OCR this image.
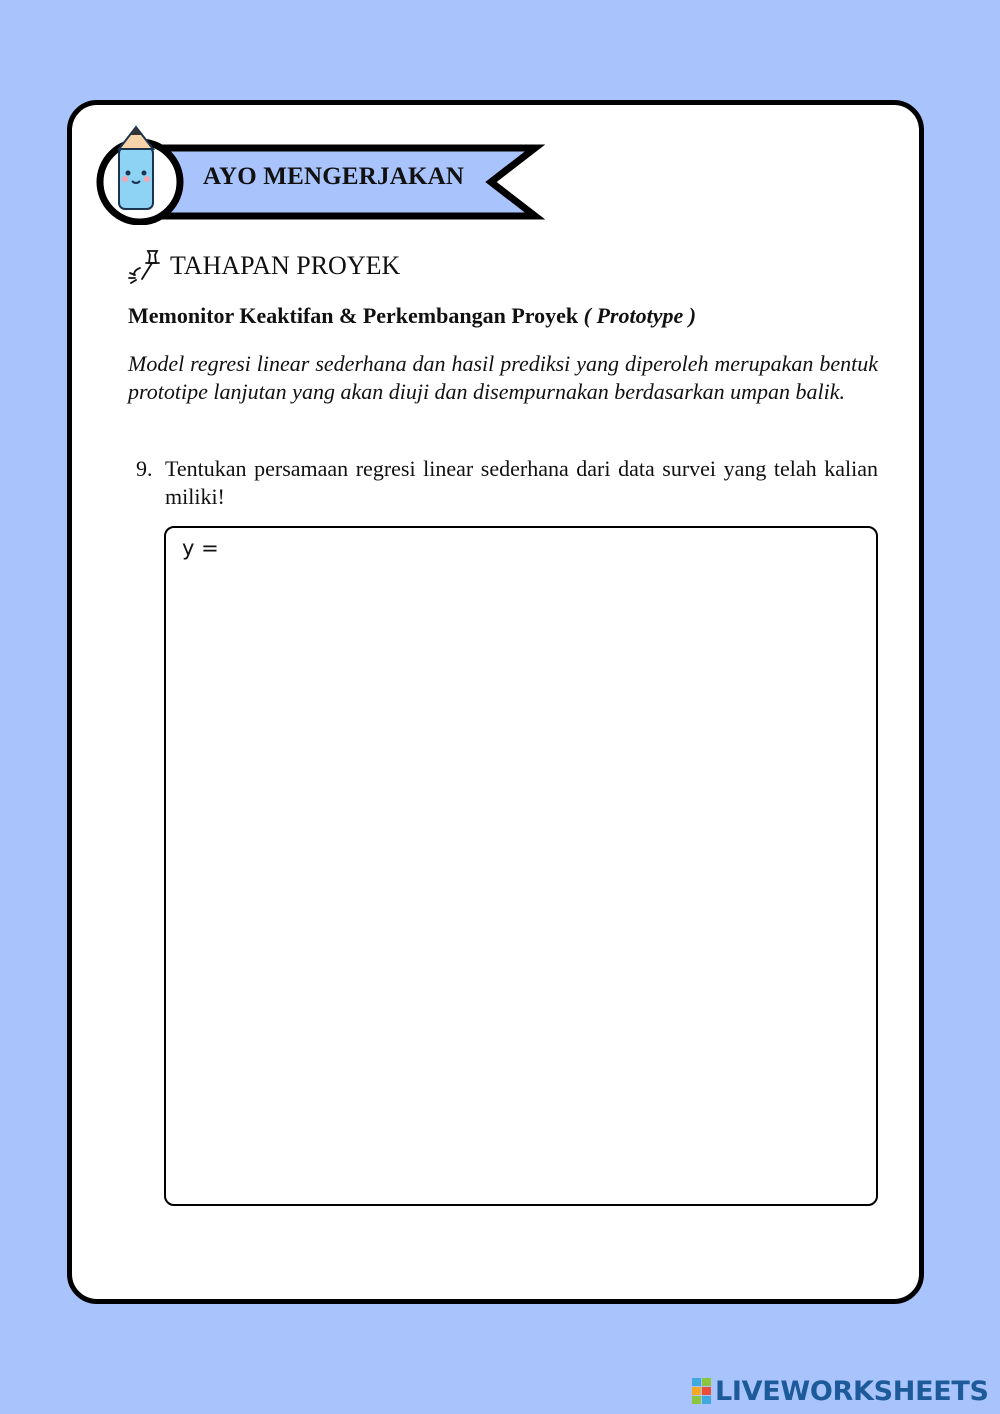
AYO MENGERJAKAN
TAHAPAN PROYEK
Memonitor Keaktifan & Perkembangan Proyek ( Prototype )
Model regresi linear sederhana dan hasil prediksi yang diperoleh merupakan bentuk prototipe lanjutan yang akan diuji dan disempurnakan berdasarkan umpan balik.
9. Tentukan persamaan regresi linear sederhana dari data survei yang telah kalian miliki!
y =
LIVEWORKSHEETS
